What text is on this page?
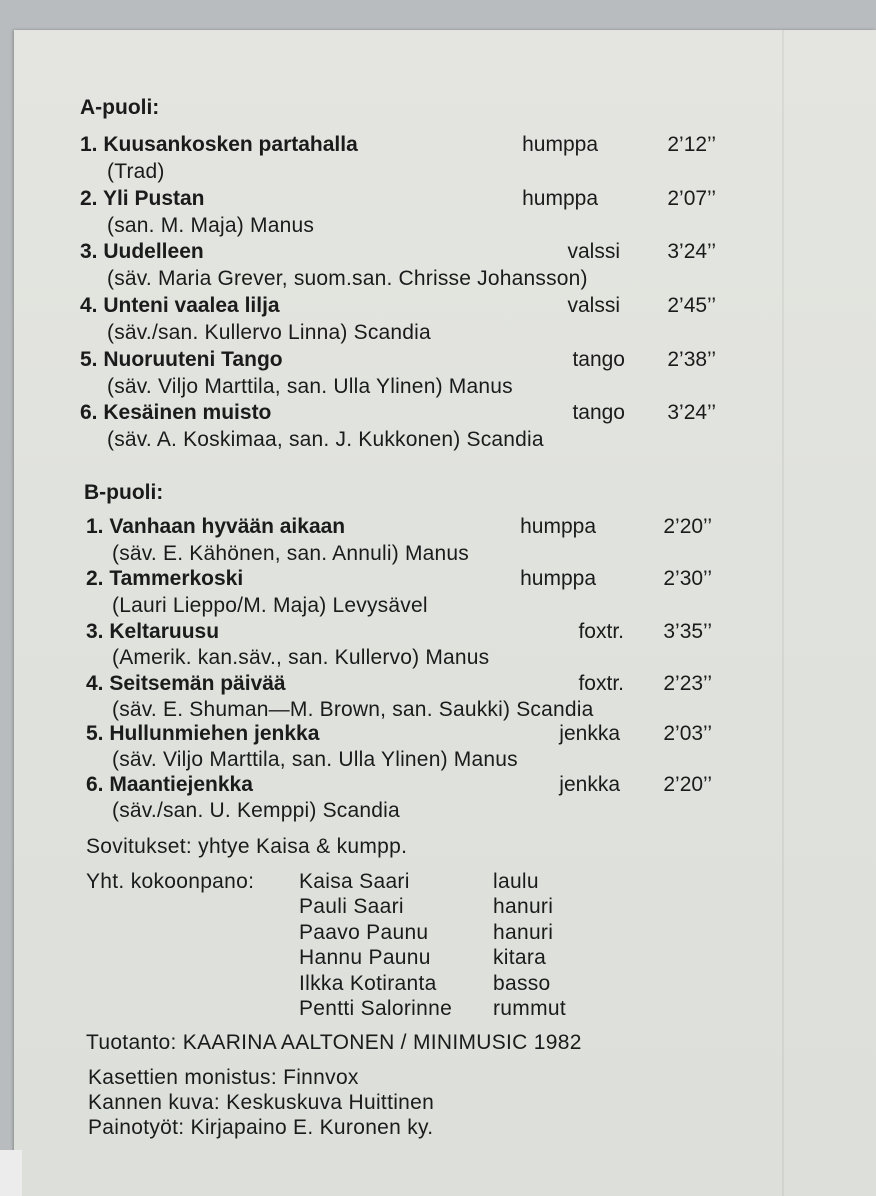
A-puoli:
1. Kuusankosken partahalla	humppa	2’12’’
(Trad)
2. Yli Pustan	humppa	2’07’’
(san. M. Maja) Manus
3. Uudelleen	valssi	3’24’’
(säv. Maria Grever, suom.san. Chrisse Johansson)
4. Unteni vaalea lilja	valssi	2’45’’
(säv./san. Kullervo Linna) Scandia
5. Nuoruuteni Tango	tango	2’38’’
(säv. Viljo Marttila, san. Ulla Ylinen) Manus
6. Kesäinen muisto	tango	3’24’’
(säv. A. Koskimaa, san. J. Kukkonen) Scandia
B-puoli:
1. Vanhaan hyvään aikaan	humppa	2’20’’
(säv. E. Kähönen, san. Annuli) Manus
2. Tammerkoski	humppa	2’30’’
(Lauri Lieppo/M. Maja) Levysävel
3. Keltaruusu	foxtr.	3’35’’
(Amerik. kan.säv., san. Kullervo) Manus
4. Seitsemän päivää	foxtr.	2’23’’
(säv. E. Shuman—M. Brown, san. Saukki) Scandia
5. Hullunmiehen jenkka	jenkka	2’03’’
(säv. Viljo Marttila, san. Ulla Ylinen) Manus
6. Maantiejenkka	jenkka	2’20’’
(säv./san. U. Kemppi) Scandia
Sovitukset: yhtye Kaisa & kumpp.
Yht. kokoonpano: Kaisa Saari	laulu
Pauli Saari	hanuri
Paavo Paunu	hanuri
Hannu Paunu	kitara
Ilkka Kotiranta	basso
Pentti Salorinne rummut
Tuotanto: KAARINA AALTONEN / MINIMUSIC 1982
Kasettien monistus: Finnvox
Kannen kuva: Keskuskuva Huittinen
Painotyöt: Kirjapaino E. Kuronen ky.
